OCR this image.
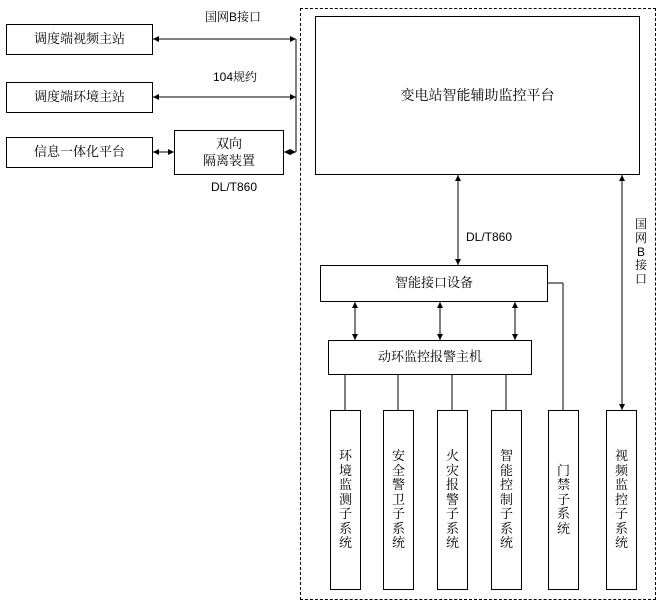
调度端视频主站
调度端环境主站
信息一体化平台
双向
隔离装置
变电站智能辅助监控平台
智能接口设备
动环监控报警主机
环境监测子系统
安全警卫子系统
火灾报警子系统
智能控制子系统
门禁子系统
视频监控子系统
国网B接口
104规约
DL/T860
DL/T860
国网B接口
